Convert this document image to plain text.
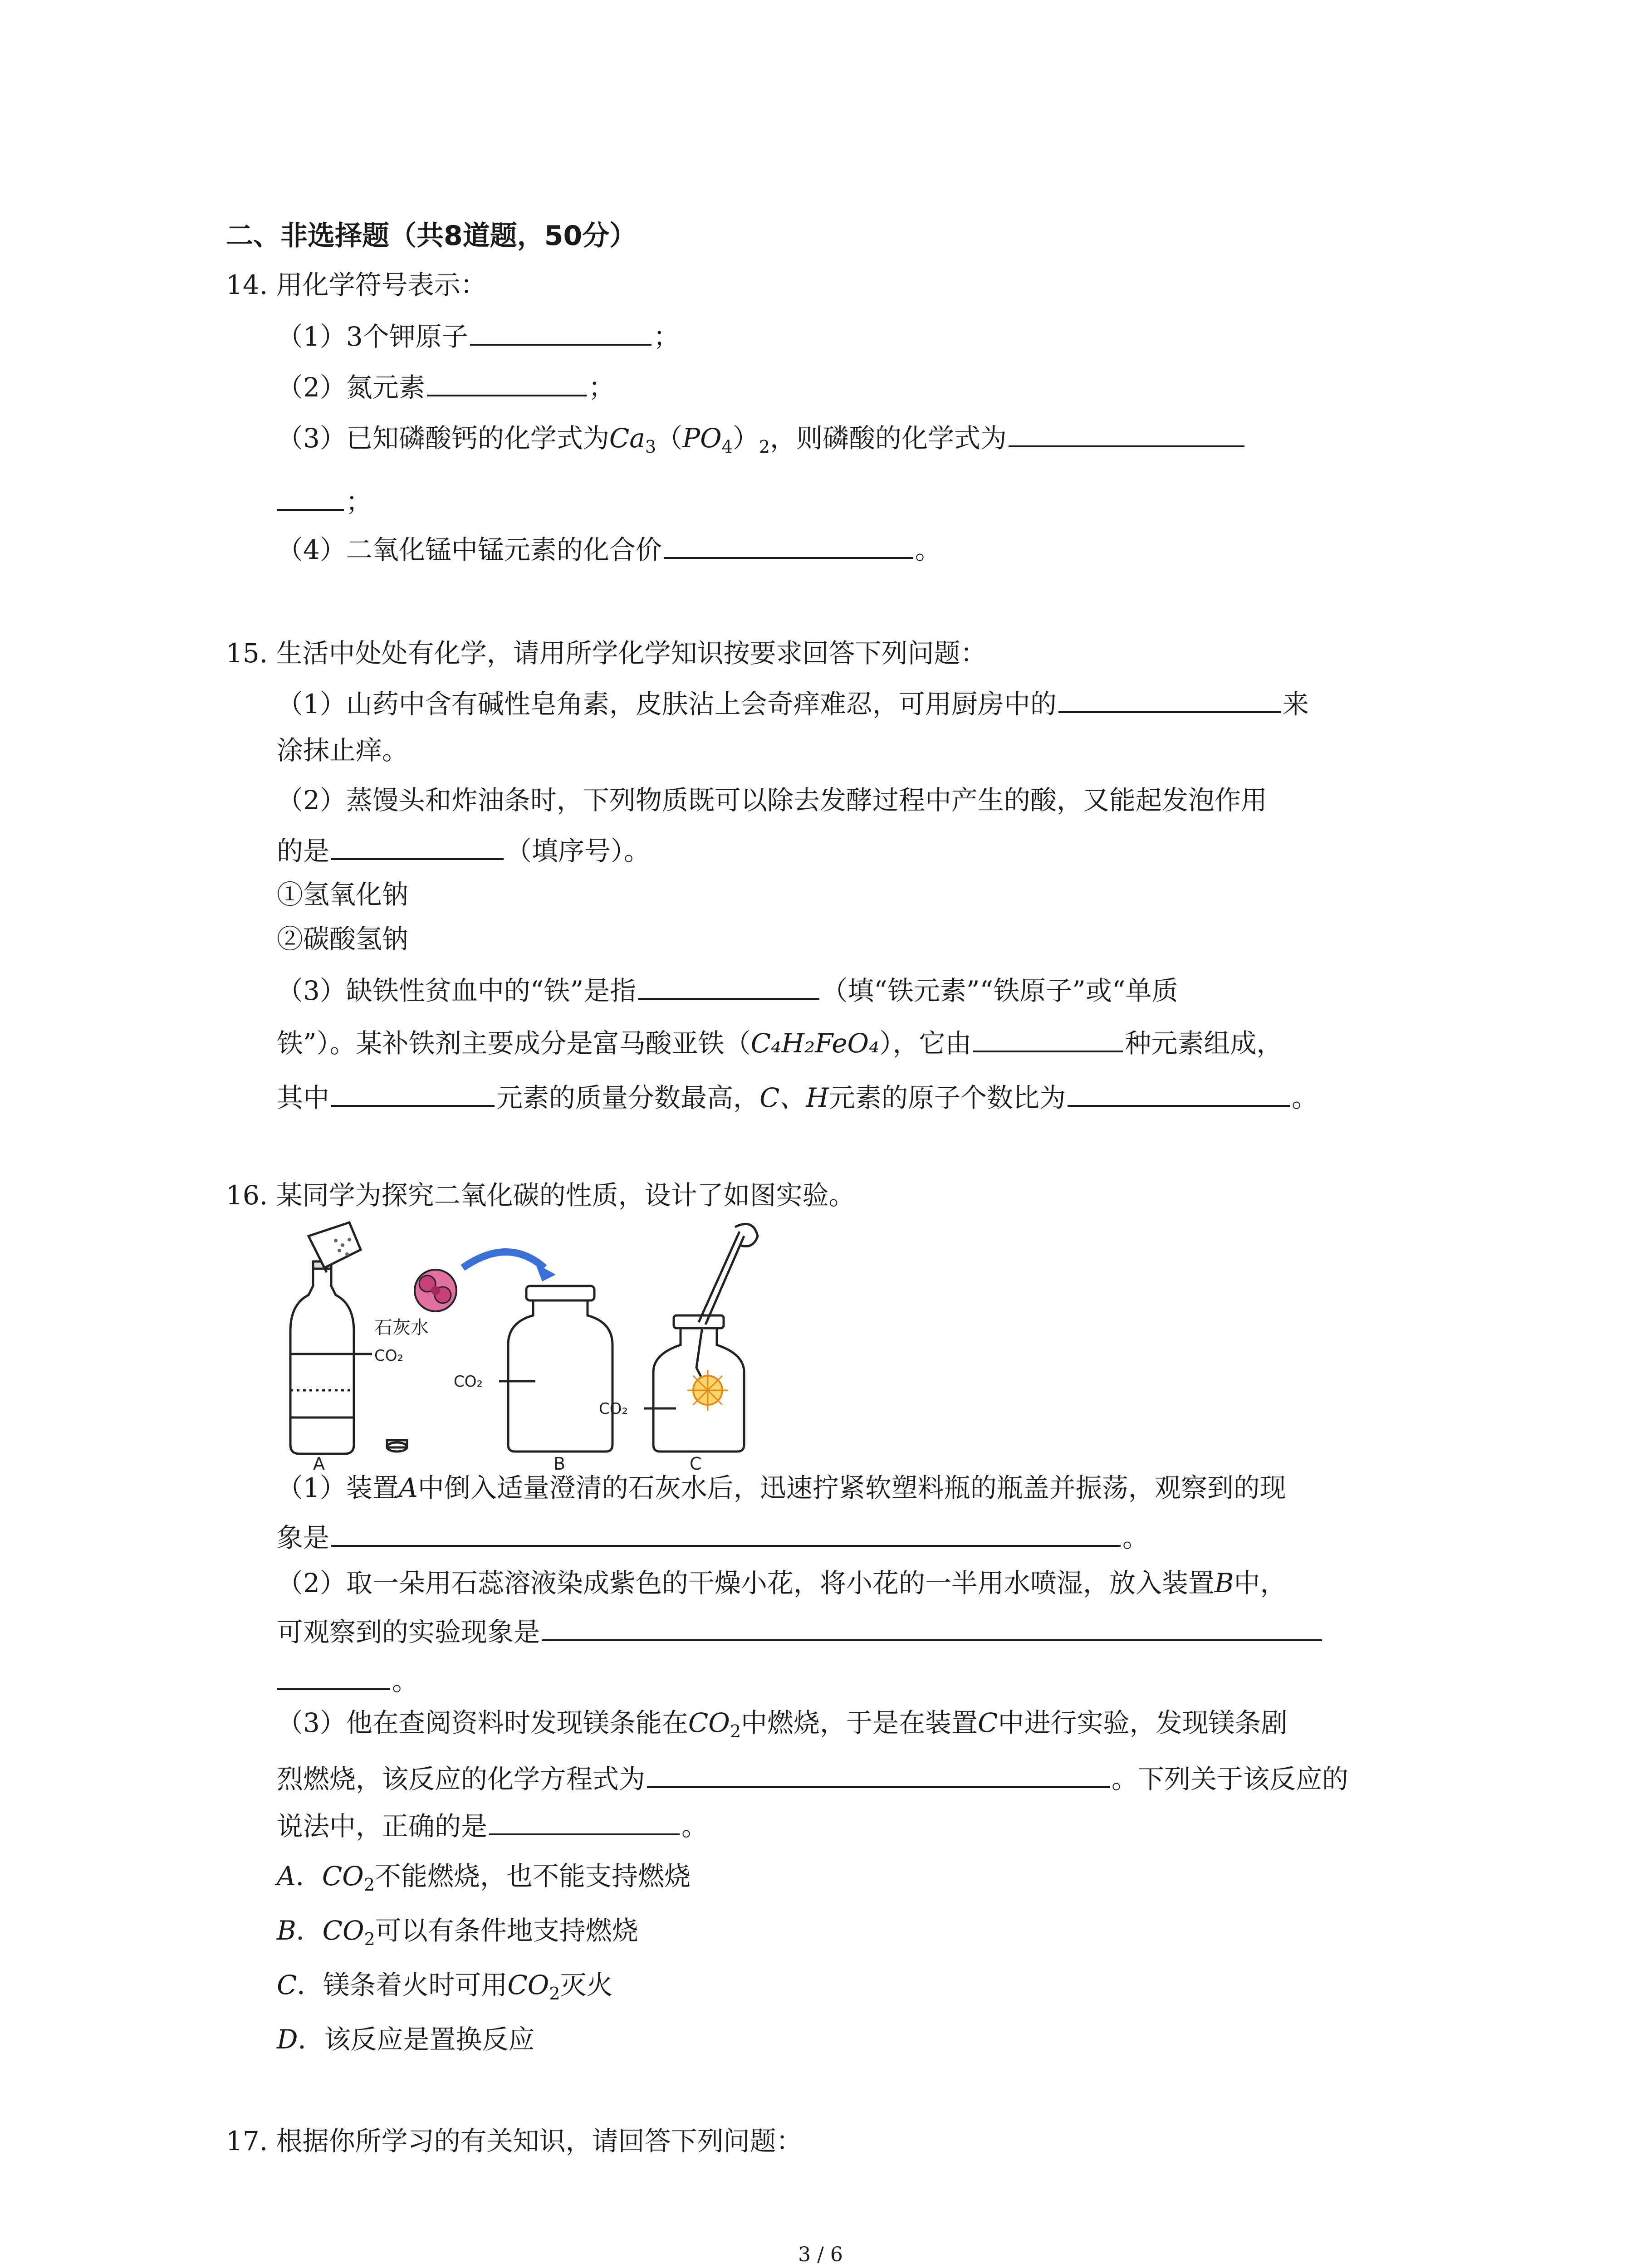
二、非选择题（共8道题，50分）
14. 用化学符号表示：
（1）3个钾原子	；
（2）氮元素	；
（3）已知磷酸钙的化学式为$Ca_3(PO_4)_2$，则磷酸的化学式为
；
（4）二氧化锰中锰元素的化合价	。
15. 生活中处处有化学，请用所学化学知识按要求回答下列问题：
（1）山药中含有碱性皂角素，皮肤沾上会奇痒难忍，可用厨房中的	来
涂抹止痒。
（2）蒸馒头和炸油条时，下列物质既可以除去发酵过程中产生的酸，又能起发泡作用
的是	（填序号）。
①氢氧化钠
②碳酸氢钠
（3）缺铁性贫血中的“铁”是指	（填“铁元素”“铁原子”或“单质
铁”）。某补铁剂主要成分是富马酸亚铁（C₄H₂FeO₄），它由	种元素组成，
其中	元素的质量分数最高，C、H元素的原子个数比为	。
16. 某同学为探究二氧化碳的性质，设计了如图实验。
石灰水
CO₂
A
CO₂
B
CO₂
C
（1）装置A中倒入适量澄清的石灰水后，迅速拧紧软塑料瓶的瓶盖并振荡，观察到的现
象是	。
（2）取一朵用石蕊溶液染成紫色的干燥小花，将小花的一半用水喷湿，放入装置B中，
可观察到的实验现象是
。
（3）他在查阅资料时发现镁条能在$CO_2$中燃烧，于是在装置C中进行实验，发现镁条剧
烈燃烧，该反应的化学方程式为	。下列关于该反应的
说法中，正确的是	。
A．$CO_2$不能燃烧，也不能支持燃烧
B．$CO_2$可以有条件地支持燃烧
C．镁条着火时可用$CO_2$灭火
D．该反应是置换反应
17. 根据你所学习的有关知识，请回答下列问题：
3 / 6
